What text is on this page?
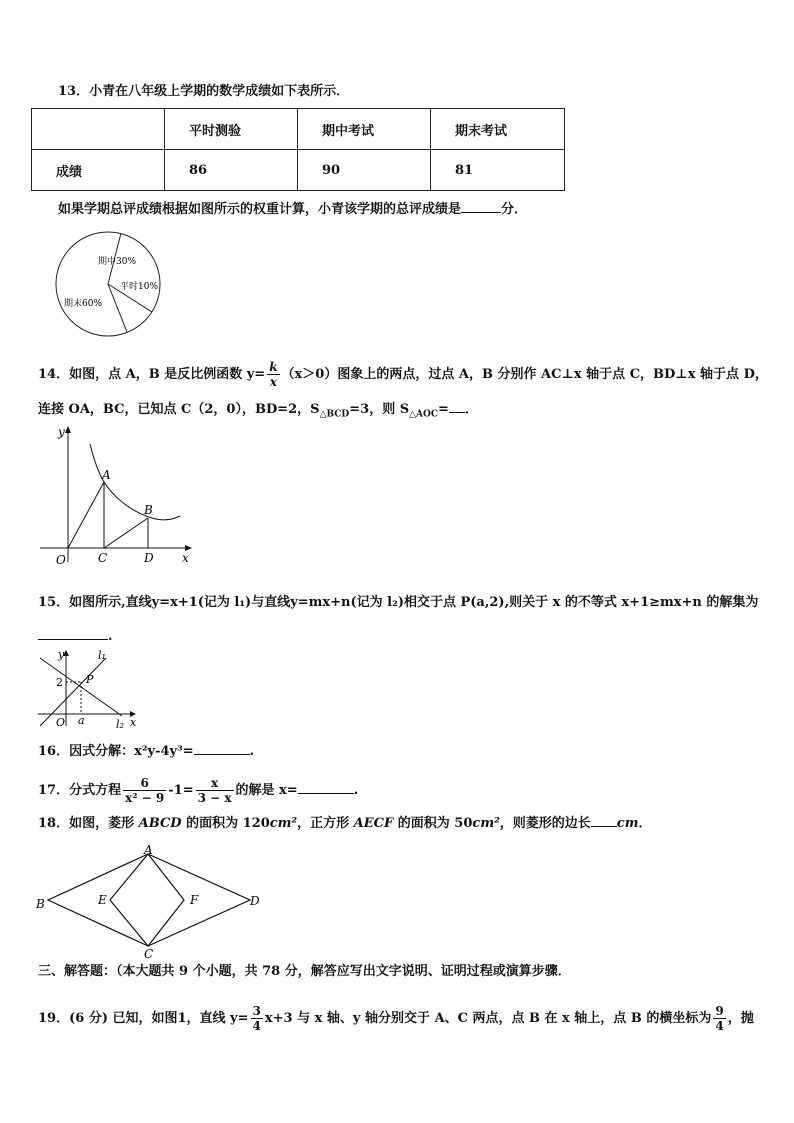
13．小青在八年级上学期的数学成绩如下表所示．
	平时测验	期中考试	期末考试
成绩	86	90	81
如果学期总评成绩根据如图所示的权重计算，小青该学期的总评成绩是	分．
期中30%
平时10%
期末60%
14．如图，点 A，B 是反比例函数 $y= \frac{k}{x} (x>0)$图象上的两点，过点 A，B 分别作 AC⊥x 轴于点 C，BD⊥x 轴于点 D，
连接 OA，BC，已知点 C（2，0），BD=2，$S_{\triangle BCD}=3$，则 $S_{\triangle AOC}=$ ．
y
x
O
A
B
C	D
15．如图所示,直线y=x+1(记为 l₁)与直线y=mx+n(记为 l₂)相交于点 P(a,2),则关于 x 的不等式 x+1≥mx+n 的解集为
.
y
x
O
2
a
P
l₁
l₂
16．因式分解：x²y-4y³=	.
17．分式方程 $\frac{6}{\text{x² − 9}} -1= \frac{x}{3 - x}$ 的解是 x=	.
18．如图，菱形 ABCD 的面积为 120cm²，正方形 AECF 的面积为 50cm²，则菱形的边长 cm．
A
B
C
D
E	F
三、解答题：（本大题共 9 个小题，共 78 分，解答应写出文字说明、证明过程或演算步骤．
19．(6 分) 已知，如图1，直线 $y= \frac{3}{4} x+3$ 与 x 轴、y 轴分别交于 A、C 两点，点 B 在 x 轴上，点 B 的横坐标为 $\frac{9}{4}$ ，抛
